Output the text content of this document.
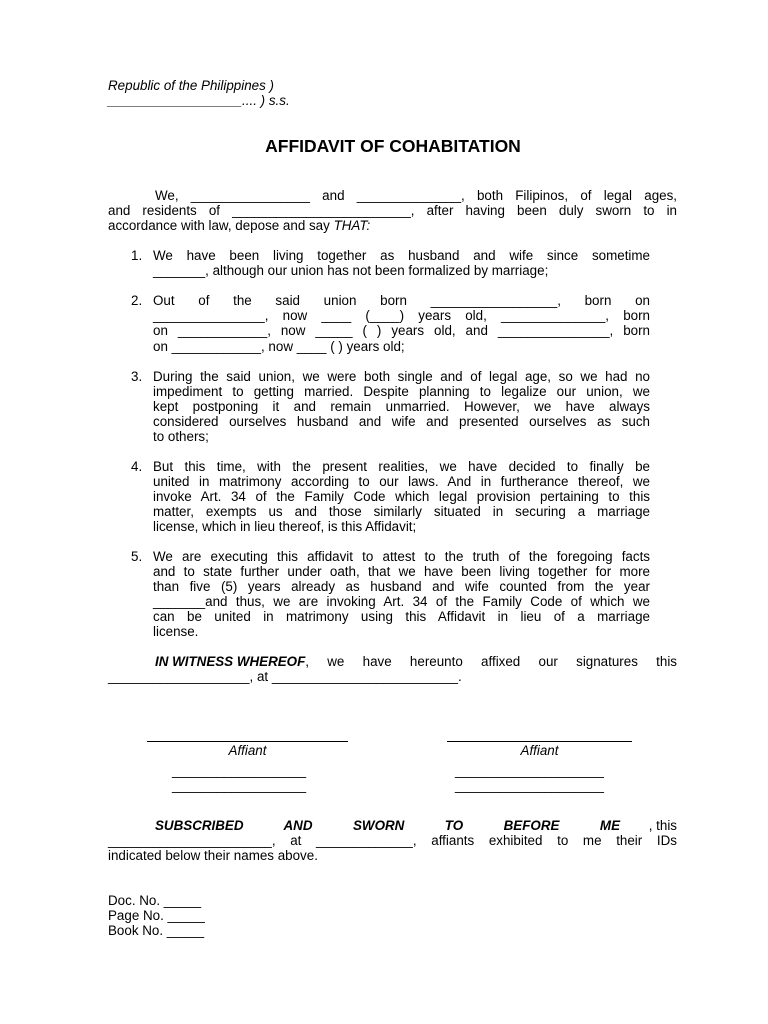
Republic of the Philippines )
__________________.... ) s.s.
AFFIDAVIT OF COHABITATION
We, ________________ and ______________, both Filipinos, of legal ages,
and residents of ________________________, after having been duly sworn to in
accordance with law, depose and say THAT:
1. We have been living together as husband and wife since sometime
_______, although our union has not been formalized by marriage;
2. Out of the said union born _________________, born on
_______________, now ____ (____) years old, ______________, born
on ____________, now _____ ( ) years old, and _______________, born
on ____________, now ____ ( ) years old;
3. During the said union, we were both single and of legal age, so we had no
impediment to getting married. Despite planning to legalize our union, we
kept postponing it and remain unmarried. However, we have always
considered ourselves husband and wife and presented ourselves as such
to others;
4. But this time, with the present realities, we have decided to finally be
united in matrimony according to our laws. And in furtherance thereof, we
invoke Art. 34 of the Family Code which legal provision pertaining to this
matter, exempts us and those similarly situated in securing a marriage
license, which in lieu thereof, is this Affidavit;
5. We are executing this affidavit to attest to the truth of the foregoing facts
and to state further under oath, that we have been living together for more
than five (5) years already as husband and wife counted from the year
_______and thus, we are invoking Art. 34 of the Family Code of which we
can be united in matrimony using this Affidavit in lieu of a marriage
license.
IN WITNESS WHEREOF , we have hereunto affixed our signatures this
___________________, at _________________________.
Affiant	Affiant
__________________
__________________
____________________
____________________
SUBSCRIBED AND SWORN TO BEFORE ME	, this
______________________, at _____________, affiants exhibited to me their IDs
indicated below their names above.
Doc. No. _____
Page No. _____
Book No. _____
